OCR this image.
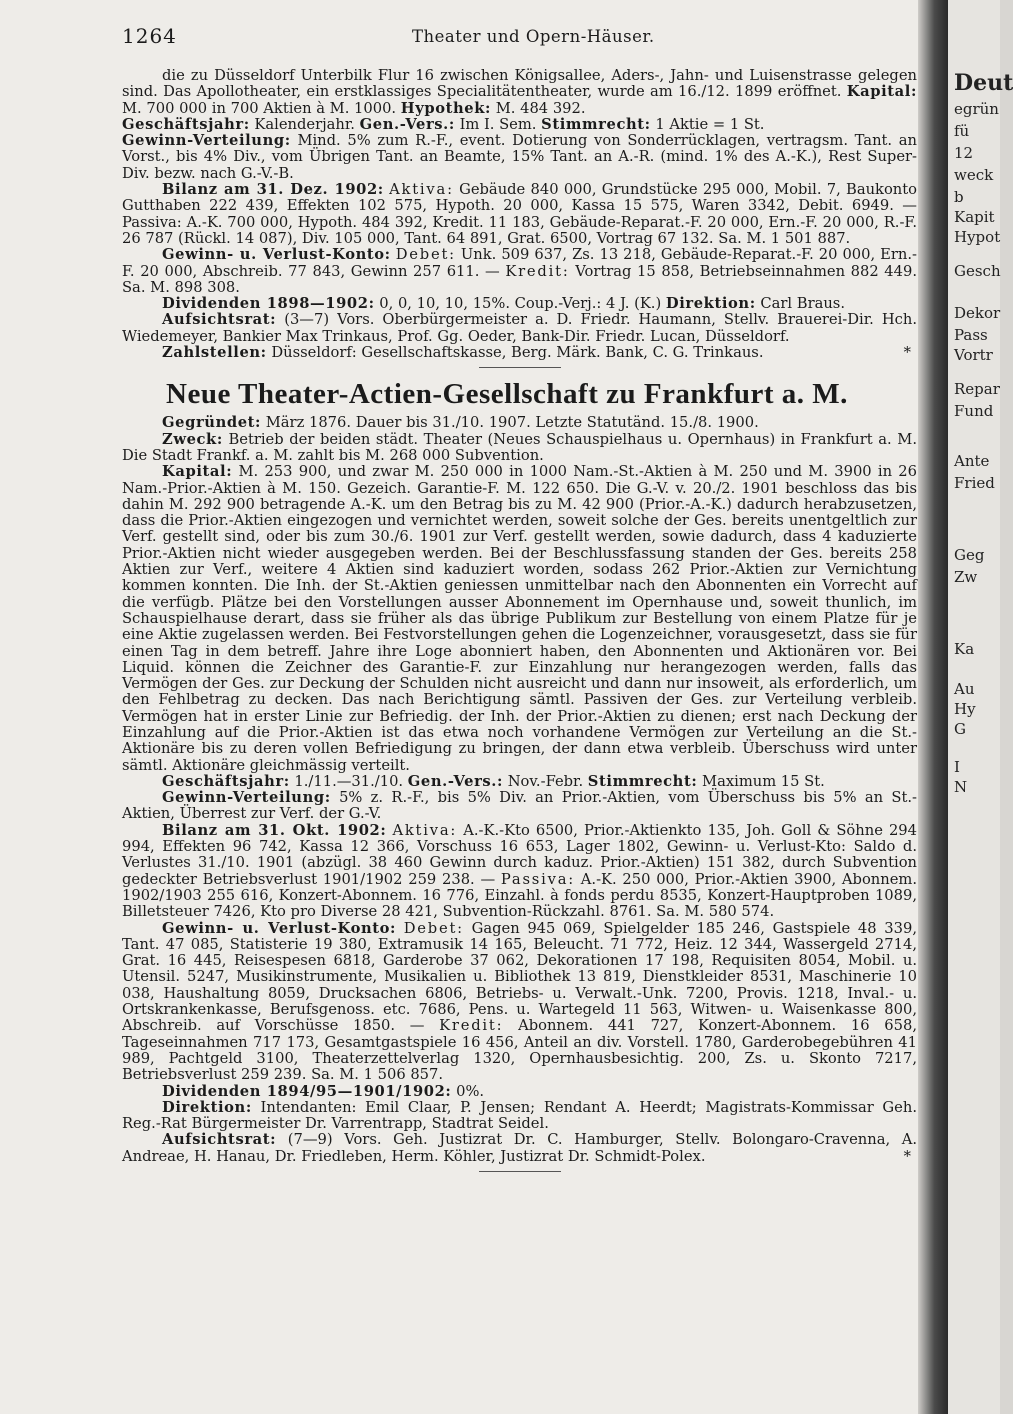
1264	Theater und Opern-Häuser.

die zu Düsseldorf Unterbilk Flur 16 zwischen Königsallee, Aders-, Jahn- und Luisenstrasse gelegen sind. Das Apollotheater, ein erstklassiges Specialitätentheater, wurde am 16./12. 1899 eröffnet. Kapital: M. 700 000 in 700 Aktien à M. 1000. Hypothek: M. 484 392.

Geschäftsjahr: Kalenderjahr. Gen.-Vers.: Im I. Sem. Stimmrecht: 1 Aktie = 1 St.

Gewinn-Verteilung: Mind. 5% zum R.-F., event. Dotierung von Sonderrücklagen, vertragsm. Tant. an Vorst., bis 4% Div., vom Übrigen Tant. an Beamte, 15% Tant. an A.-R. (mind. 1% des A.-K.), Rest Super-Div. bezw. nach G.-V.-B.

Bilanz am 31. Dez. 1902: Aktiva: Gebäude 840 000, Grundstücke 295 000, Mobil. 7, Baukonto Gutthaben 222 439, Effekten 102 575, Hypoth. 20 000, Kassa 15 575, Waren 3342, Debit. 6949. — Passiva: A.-K. 700 000, Hypoth. 484 392, Kredit. 11 183, Gebäude-Reparat.-F. 20 000, Ern.-F. 20 000, R.-F. 26 787 (Rückl. 14 087), Div. 105 000, Tant. 64 891, Grat. 6500, Vortrag 67 132. Sa. M. 1 501 887.

Gewinn- u. Verlust-Konto: Debet: Unk. 509 637, Zs. 13 218, Gebäude-Reparat.-F. 20 000, Ern.-F. 20 000, Abschreib. 77 843, Gewinn 257 611. — Kredit: Vortrag 15 858, Betriebseinnahmen 882 449. Sa. M. 898 308.

Dividenden 1898—1902: 0, 0, 10, 10, 15%. Coup.-Verj.: 4 J. (K.) Direktion: Carl Braus.

Aufsichtsrat: (3—7) Vors. Oberbürgermeister a. D. Friedr. Haumann, Stellv. Brauerei-Dir. Hch. Wiedemeyer, Bankier Max Trinkaus, Prof. Gg. Oeder, Bank-Dir. Friedr. Lucan, Düsseldorf.

Zahlstellen: Düsseldorf: Gesellschaftskasse, Berg. Märk. Bank, C. G. Trinkaus.	*

Neue Theater-Actien-Gesellschaft zu Frankfurt a. M.

Gegründet: März 1876. Dauer bis 31./10. 1907. Letzte Statutänd. 15./8. 1900.

Zweck: Betrieb der beiden städt. Theater (Neues Schauspielhaus u. Opernhaus) in Frankfurt a. M. Die Stadt Frankf. a. M. zahlt bis M. 268 000 Subvention.

Kapital: M. 253 900, und zwar M. 250 000 in 1000 Nam.-St.-Aktien à M. 250 und M. 3900 in 26 Nam.-Prior.-Aktien à M. 150. Gezeich. Garantie-F. M. 122 650. Die G.-V. v. 20./2. 1901 beschloss das bis dahin M. 292 900 betragende A.-K. um den Betrag bis zu M. 42 900 (Prior.-A.-K.) dadurch herabzusetzen, dass die Prior.-Aktien eingezogen und vernichtet werden, soweit solche der Ges. bereits unentgeltlich zur Verf. gestellt sind, oder bis zum 30./6. 1901 zur Verf. gestellt werden, sowie dadurch, dass 4 kaduzierte Prior.-Aktien nicht wieder ausgegeben werden. Bei der Beschlussfassung standen der Ges. bereits 258 Aktien zur Verf., weitere 4 Aktien sind kaduziert worden, sodass 262 Prior.-Aktien zur Vernichtung kommen konnten. Die Inh. der St.-Aktien geniessen unmittelbar nach den Abonnenten ein Vorrecht auf die verfügb. Plätze bei den Vorstellungen ausser Abonnement im Opernhause und, soweit thunlich, im Schauspielhause derart, dass sie früher als das übrige Publikum zur Bestellung von einem Platze für je eine Aktie zugelassen werden. Bei Festvorstellungen gehen die Logenzeichner, vorausgesetzt, dass sie für einen Tag in dem betreff. Jahre ihre Loge abonniert haben, den Abonnenten und Aktionären vor. Bei Liquid. können die Zeichner des Garantie-F. zur Einzahlung nur herangezogen werden, falls das Vermögen der Ges. zur Deckung der Schulden nicht ausreicht und dann nur insoweit, als erforderlich, um den Fehlbetrag zu decken. Das nach Berichtigung sämtl. Passiven der Ges. zur Verteilung verbleib. Vermögen hat in erster Linie zur Befriedig. der Inh. der Prior.-Aktien zu dienen; erst nach Deckung der Einzahlung auf die Prior.-Aktien ist das etwa noch vorhandene Vermögen zur Verteilung an die St.-Aktionäre bis zu deren vollen Befriedigung zu bringen, der dann etwa verbleib. Überschuss wird unter sämtl. Aktionäre gleichmässig verteilt.

Geschäftsjahr: 1./11.—31./10. Gen.-Vers.: Nov.-Febr. Stimmrecht: Maximum 15 St.

Gewinn-Verteilung: 5% z. R.-F., bis 5% Div. an Prior.-Aktien, vom Überschuss bis 5% an St.-Aktien, Überrest zur Verf. der G.-V.

Bilanz am 31. Okt. 1902: Aktiva: A.-K.-Kto 6500, Prior.-Aktienkto 135, Joh. Goll & Söhne 294 994, Effekten 96 742, Kassa 12 366, Vorschuss 16 653, Lager 1802, Gewinn- u. Verlust-Kto: Saldo d. Verlustes 31./10. 1901 (abzügl. 38 460 Gewinn durch kaduz. Prior.-Aktien) 151 382, durch Subvention gedeckter Betriebsverlust 1901/1902 259 238. — Passiva: A.-K. 250 000, Prior.-Aktien 3900, Abonnem. 1902/1903 255 616, Konzert-Abonnem. 16 776, Einzahl. à fonds perdu 8535, Konzert-Hauptproben 1089, Billetsteuer 7426, Kto pro Diverse 28 421, Subvention-Rückzahl. 8761. Sa. M. 580 574.

Gewinn- u. Verlust-Konto: Debet: Gagen 945 069, Spielgelder 185 246, Gastspiele 48 339, Tant. 47 085, Statisterie 19 380, Extramusik 14 165, Beleucht. 71 772, Heiz. 12 344, Wassergeld 2714, Grat. 16 445, Reisespesen 6818, Garderobe 37 062, Dekorationen 17 198, Requisiten 8054, Mobil. u. Utensil. 5247, Musikinstrumente, Musikalien u. Bibliothek 13 819, Dienstkleider 8531, Maschinerie 10 038, Haushaltung 8059, Drucksachen 6806, Betriebs- u. Verwalt.-Unk. 7200, Provis. 1218, Inval.- u. Ortskrankenkasse, Berufsgenoss. etc. 7686, Pens. u. Wartegeld 11 563, Witwen- u. Waisenkasse 800, Abschreib. auf Vorschüsse 1850. — Kredit: Abonnem. 441 727, Konzert-Abonnem. 16 658, Tageseinnahmen 717 173, Gesamtgastspiele 16 456, Anteil an div. Vorstell. 1780, Garderobegebühren 41 989, Pachtgeld 3100, Theaterzettelverlag 1320, Opernhausbesichtig. 200, Zs. u. Skonto 7217, Betriebsverlust 259 239. Sa. M. 1 506 857.

Dividenden 1894/95—1901/1902: 0%.

Direktion: Intendanten: Emil Claar, P. Jensen; Rendant A. Heerdt; Magistrats-Kommissar Geh. Reg.-Rat Bürgermeister Dr. Varrentrapp, Stadtrat Seidel.

Aufsichtsrat: (7—9) Vors. Geh. Justizrat Dr. C. Hamburger, Stellv. Bolongaro-Cravenna, A. Andreae, H. Hanau, Dr. Friedleben, Herm. Köhler, Justizrat Dr. Schmidt-Polex.	*

Deut
egrün
fü
12
weck
b
Kapit
Hypot
Gesch
Dekor
Pass
Vortr
Repar
Fund
Ante
Fried
Geg
Zw
Ka
Au
Hy
G
I
N
